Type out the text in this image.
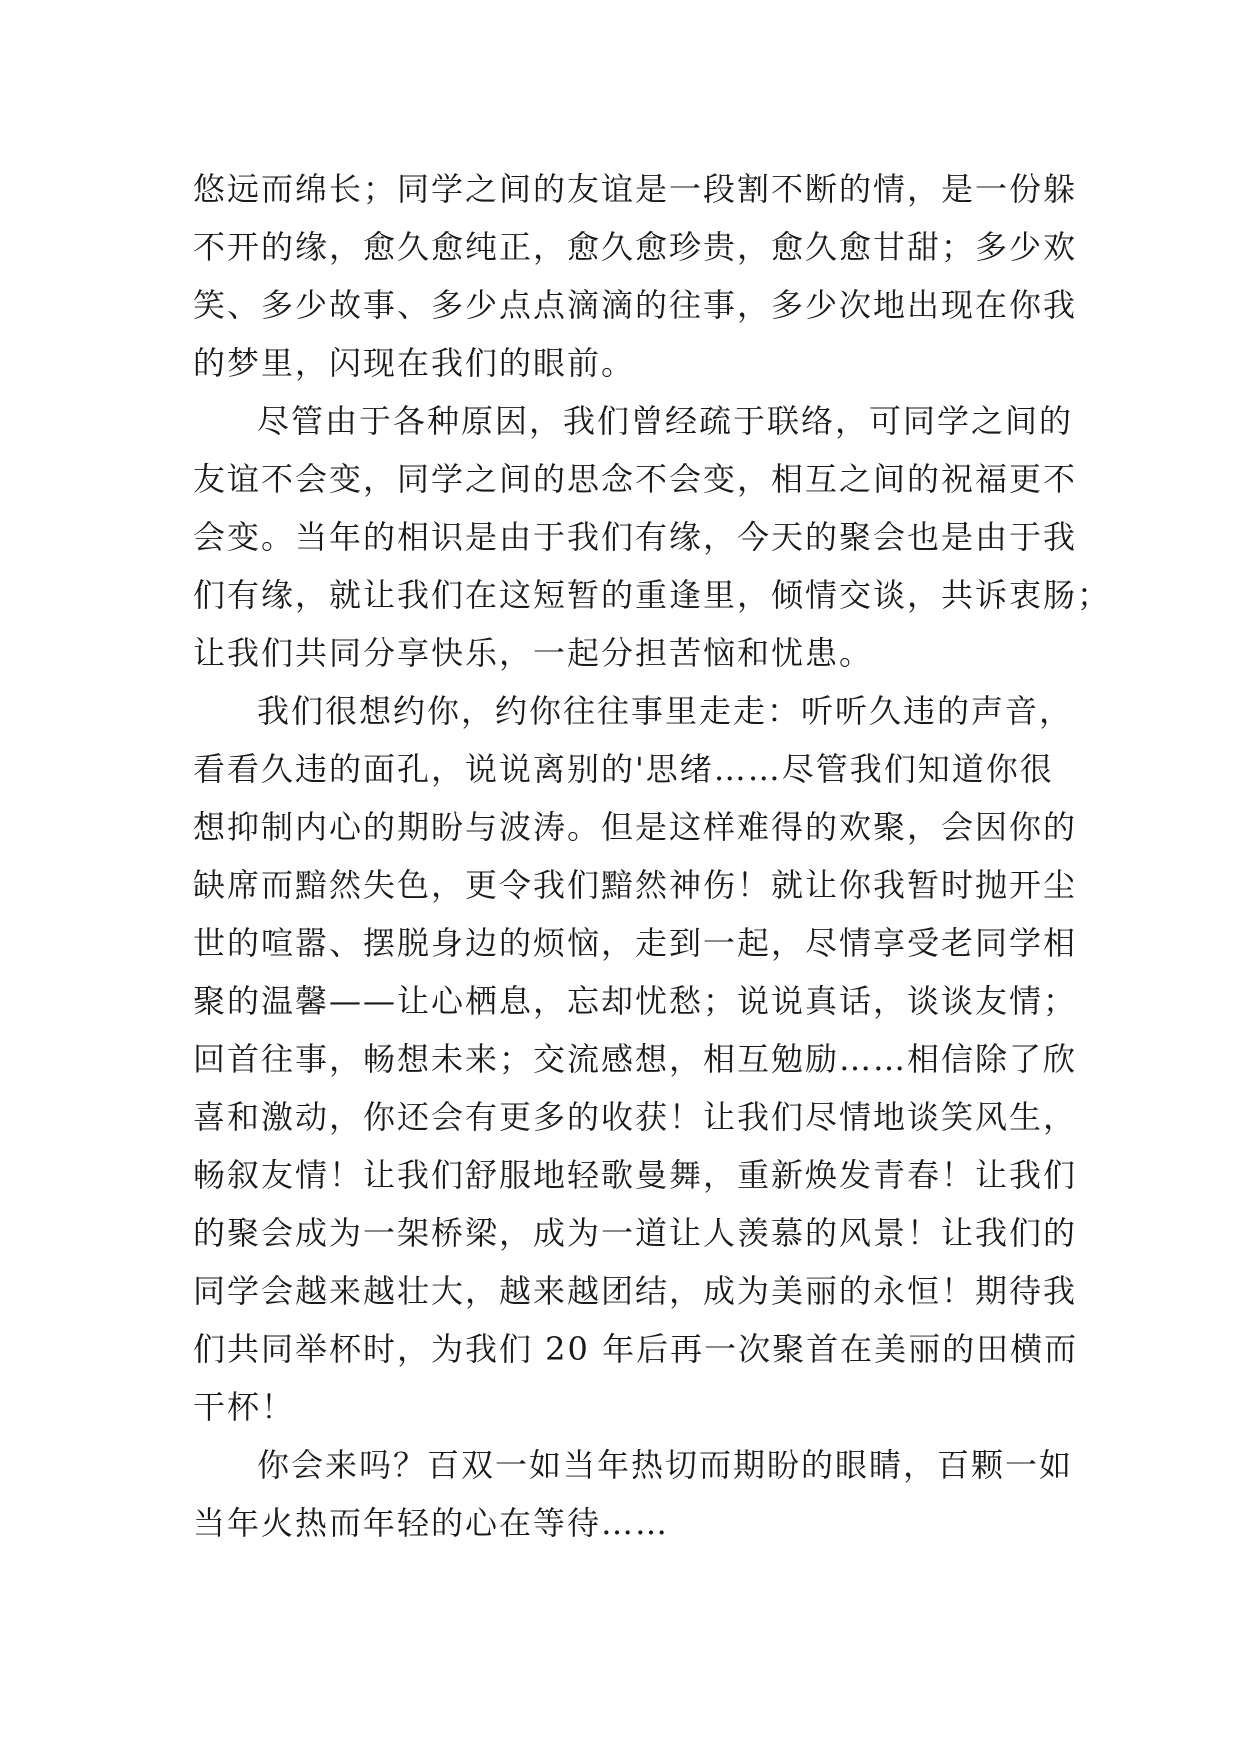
悠远而绵长；同学之间的友谊是一段割不断的情，是一份躲
不开的缘，愈久愈纯正，愈久愈珍贵，愈久愈甘甜；多少欢
笑、多少故事、多少点点滴滴的往事，多少次地出现在你我
的梦里，闪现在我们的眼前。
尽管由于各种原因，我们曾经疏于联络，可同学之间的
友谊不会变，同学之间的思念不会变，相互之间的祝福更不
会变。当年的相识是由于我们有缘，今天的聚会也是由于我
们有缘，就让我们在这短暂的重逢里，倾情交谈，共诉衷肠；
让我们共同分享快乐，一起分担苦恼和忧患。
我们很想约你，约你往往事里走走：听听久违的声音，
看看久违的面孔，说说离别的'思绪……尽管我们知道你很
想抑制内心的期盼与波涛。但是这样难得的欢聚，会因你的
缺席而黯然失色，更令我们黯然神伤！就让你我暂时抛开尘
世的喧嚣、摆脱身边的烦恼，走到一起，尽情享受老同学相
聚的温馨——让心栖息，忘却忧愁；说说真话，谈谈友情；
回首往事，畅想未来；交流感想，相互勉励……相信除了欣
喜和激动，你还会有更多的收获！让我们尽情地谈笑风生，
畅叙友情！让我们舒服地轻歌曼舞，重新焕发青春！让我们
的聚会成为一架桥梁，成为一道让人羡慕的风景！让我们的
同学会越来越壮大，越来越团结，成为美丽的永恒！期待我
们共同举杯时，为我们 20 年后再一次聚首在美丽的田横而
干杯！
你会来吗？百双一如当年热切而期盼的眼睛，百颗一如
当年火热而年轻的心在等待……
